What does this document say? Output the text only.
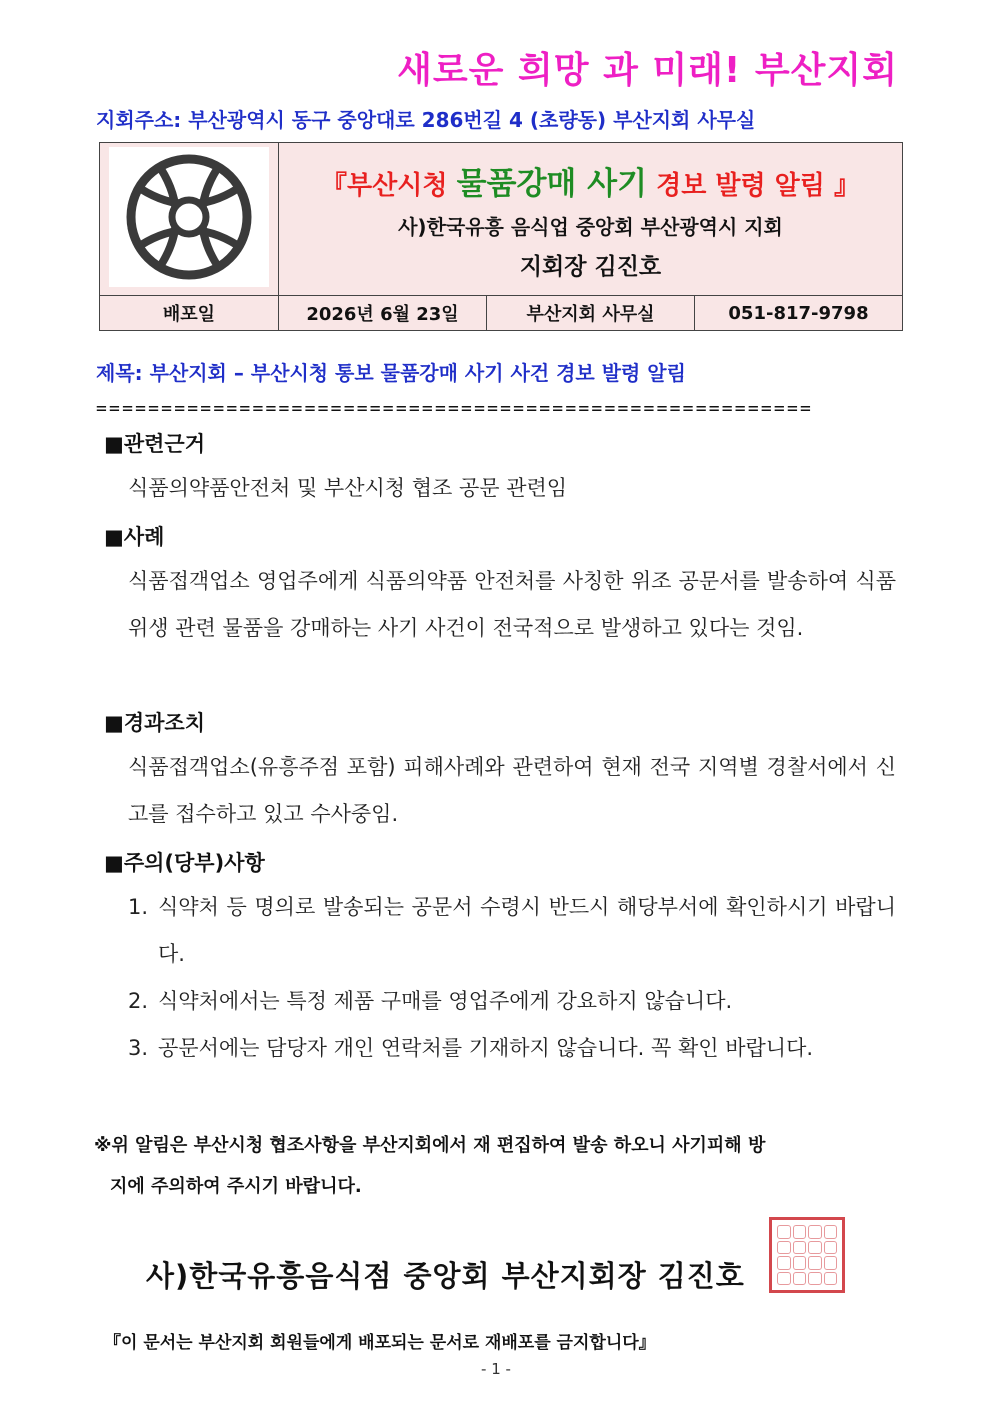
새로운 희망 과 미래! 부산지회
지회주소: 부산광역시 동구 중앙대로 286번길 4 (초량동) 부산지회 사무실

『부산시청 물품강매 사기 경보 발령 알림 』
사)한국유흥 음식업 중앙회 부산광역시 지회
지회장 김진호		

배포일	2026년 6월 23일	부산지회 사무실	051-817-9798
제목: 부산지회 – 부산시청 통보 물품강매 사기 사건 경보 발령 알림
=======================================================
■관련근거
식품의약품안전처 및 부산시청 협조 공문 관련임
■사례
식품접객업소 영업주에게 식품의약품 안전처를 사칭한 위조 공문서를 발송하여 식품위생 관련 물품을 강매하는 사기 사건이 전국적으로 발생하고 있다는 것임.
■경과조치
식품접객업소(유흥주점 포함) 피해사례와 관련하여 현재 전국 지역별 경찰서에서 신고를 접수하고 있고 수사중임.
■주의(당부)사항
1. 식약처 등 명의로 발송되는 공문서 수령시 반드시 해당부서에 확인하시기 바랍니다.
2. 식약처에서는 특정 제품 구매를 영업주에게 강요하지 않습니다.
3. 공문서에는 담당자 개인 연락처를 기재하지 않습니다. 꼭 확인 바랍니다.
※위 알림은 부산시청 협조사항을 부산지회에서 재 편집하여 발송 하오니 사기피해 방
지에 주의하여 주시기 바랍니다.
사)한국유흥음식점 중앙회 부산지회장 김진호
『이 문서는 부산지회 회원들에게 배포되는 문서로 재배포를 금지합니다』
- 1 -
